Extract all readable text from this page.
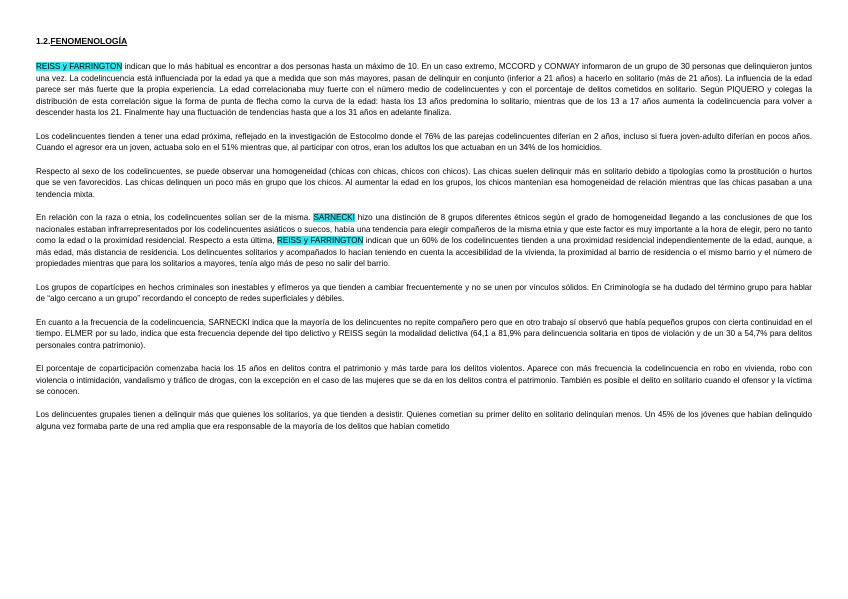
1.2.FENOMENOLOGÍA

REISS y FARRINGTON indican que lo más habitual es encontrar a dos personas hasta un máximo de 10. En un caso extremo, MCCORD y CONWAY informaron de un grupo de 30 personas que delinquieron juntos una vez. La codelincuencia está influenciada por la edad ya que a medida que son más mayores, pasan de delinquir en conjunto (inferior a 21 años) a hacerlo en solitario (más de 21 años). La influencia de la edad parece ser más fuerte que la propia experiencia. La edad correlacionaba muy fuerte con el número medio de codelincuentes y con el porcentaje de delitos cometidos en solitario. Según PIQUERO y colegas la distribución de esta correlación sigue la forma de punta de flecha como la curva de la edad: hasta los 13 años predomina lo solitario, mientras que de los 13 a 17 años aumenta la codelincuencia para volver a descender hasta los 21. Finalmente hay una fluctuación de tendencias hasta que a los 31 años en adelante finaliza.

Los codelincuentes tienden a tener una edad próxima, reflejado en la investigación de Estocolmo donde el 76% de las parejas codelincuentes diferían en 2 años, incluso si fuera joven-adulto diferían en pocos años. Cuando el agresor era un joven, actuaba solo en el 51% mientras que, al participar con otros, eran los adultos los que actuaban en un 34% de los homicidios.

Respecto al sexo de los codelincuentes, se puede observar una homogeneidad (chicas con chicas, chicos con chicos). Las chicas suelen delinquir más en solitario debido a tipologías como la prostitución o hurtos que se ven favorecidos. Las chicas delinquen un poco más en grupo que los chicos. Al aumentar la edad en los grupos, los chicos mantenían esa homogeneidad de relación mientras que las chicas pasaban a una tendencia mixta.

En relación con la raza o etnia, los codelincuentes solían ser de la misma. SARNECKI hizo una distinción de 8 grupos diferentes étnicos según el grado de homogeneidad llegando a las conclusiones de que los nacionales estaban infrarrepresentados por los codelincuentes asiáticos o suecos, había una tendencia para elegir compañeros de la misma etnia y que este factor es muy importante a la hora de elegir, pero no tanto como la edad o la proximidad residencial. Respecto a esta última, REISS y FARRINGTON indican que un 60% de los codelincuentes tienden a una proximidad residencial independientemente de la edad, aunque, a más edad, más distancia de residencia. Los delincuentes solitarios y acompañados lo hacían teniendo en cuenta la accesibilidad de la vivienda, la proximidad al barrio de residencia o el mismo barrio y el número de propiedades mientras que para los solitarios a mayores, tenía algo más de peso no salir del barrio.

Los grupos de copartícipes en hechos criminales son inestables y efímeros ya que tienden a cambiar frecuentemente y no se unen por vínculos sólidos. En Criminología se ha dudado del término grupo para hablar de “algo cercano a un grupo” recordando el concepto de redes superficiales y débiles.

En cuanto a la frecuencia de la codelincuencia, SARNECKI indica que la mayoría de los delincuentes no repite compañero pero que en otro trabajo sí observó que había pequeños grupos con cierta continuidad en el tiempo. ELMER por su lado, indica que esta frecuencia depende del tipo delictivo y REISS según la modalidad delictiva (64,1 a 81,9% para delincuencia solitaria en tipos de violación y de un 30 a 54,7% para delitos personales contra patrimonio).

El porcentaje de coparticipación comenzaba hacia los 15 años en delitos contra el patrimonio y más tarde para los delitos violentos. Aparece con más frecuencia la codelincuencia en robo en vivienda, robo con violencia o intimidación, vandalismo y tráfico de drogas, con la excepción en el caso de las mujeres que se da en los delitos contra el patrimonio. También es posible el delito en solitario cuando el ofensor y la víctima se conocen.

Los delincuentes grupales tienen a delinquir más que quienes los solitarios, ya que tienden a desistir. Quienes cometían su primer delito en solitario delinquían menos. Un 45% de los jóvenes que habían delinquido alguna vez formaba parte de una red amplia que era responsable de la mayoría de los delitos que habían cometido
